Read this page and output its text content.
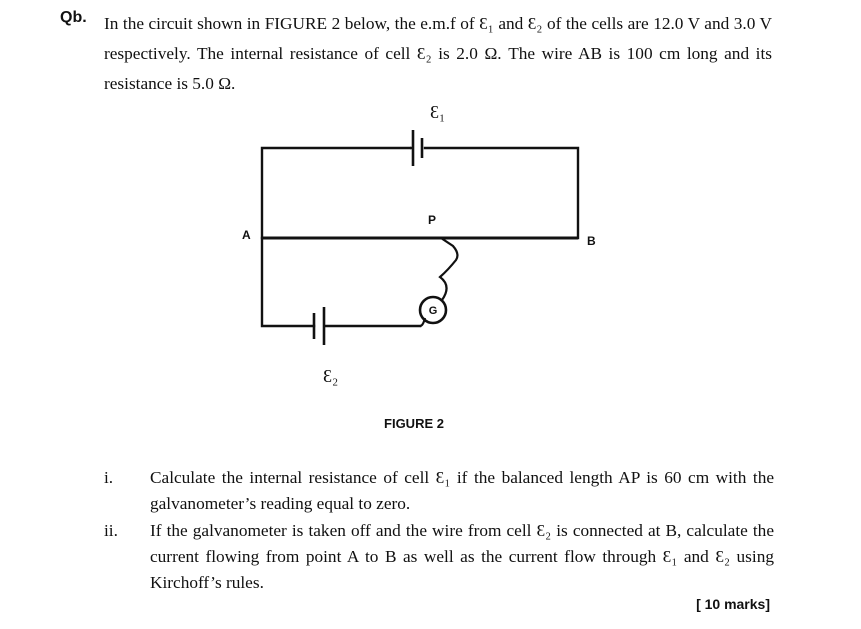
Qb. In the circuit shown in FIGURE 2 below, the e.m.f of Ɛ₁ and Ɛ₂ of the cells are 12.0 V and 3.0 V respectively. The internal resistance of cell Ɛ₂ is 2.0 Ω. The wire AB is 100 cm long and its resistance is 5.0 Ω.
Ɛ₁
A
P
B
G
Ɛ₂
FIGURE 2
i. Calculate the internal resistance of cell Ɛ₁ if the balanced length AP is 60 cm with the galvanometer’s reading equal to zero.
ii. If the galvanometer is taken off and the wire from cell Ɛ₂ is connected at B, calculate the current flowing from point A to B as well as the current flow through Ɛ₁ and Ɛ₂ using Kirchoff’s rules.
[ 10 marks]
